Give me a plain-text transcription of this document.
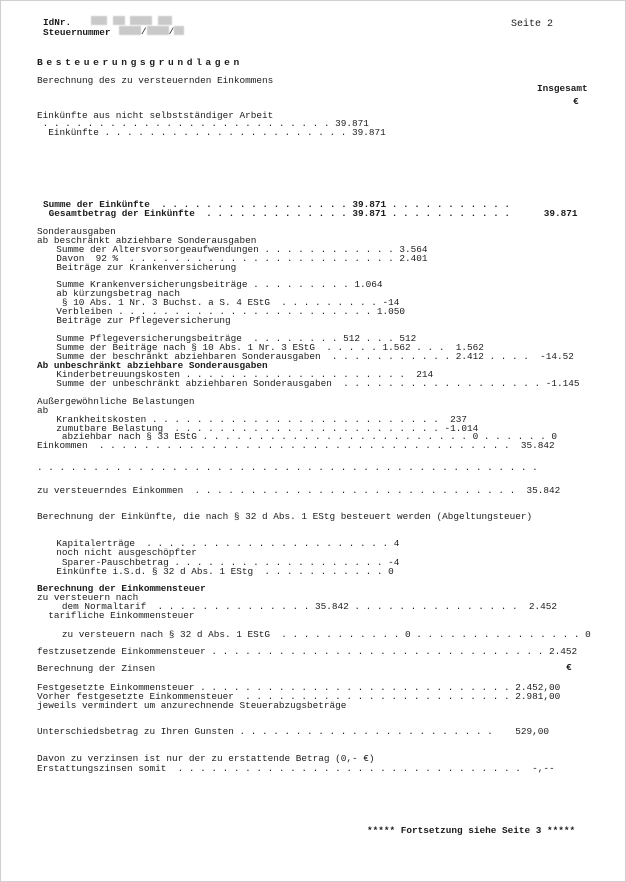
IdNr.

Steuernummer	/ /
Seite 2
Besteuerungsgrundlagen
Berechnung des zu versteuernden Einkommens
Insgesamt
€
Einkünfte aus nicht selbstständiger Arbeit
. . . . . . . . . . . . . . . . . . . . . . . . . . 39.871
Einkünfte . . . . . . . . . . . . . . . . . . . . . . 39.871
Summe der Einkünfte  . . . . . . . . . . . . . . . . . 39.871 . . . . . . . . . . .
Gesamtbetrag der Einkünfte  . . . . . . . . . . . . . 39.871 . . . . . . . . . . .      39.871
Sonderausgaben
ab beschränkt abziehbare Sonderausgaben
Summe der Altersvorsorgeaufwendungen . . . . . . . . . . . . 3.564
Davon  92 %  . . . . . . . . . . . . . . . . . . . . . . . . 2.401
Beiträge zur Krankenversicherung
Summe Krankenversicherungsbeiträge . . . . . . . . . 1.064
ab kürzungsbetrag nach
§ 10 Abs. 1 Nr. 3 Buchst. a S. 4 EStG  . . . . . . . . . -14
Verbleiben . . . . . . . . . . . . . . . . . . . . . . . 1.050
Beiträge zur Pflegeversicherung
Summe Pflegeversicherungsbeiträge  . . . . . . . . 512 . . . 512
Summe der Beiträge nach § 10 Abs. 1 Nr. 3 EStG  . . . . . 1.562 . . .  1.562
Summe der beschränkt abziehbaren Sonderausgaben  . . . . . . . . . . . 2.412 . . . .  -14.52
Ab unbeschränkt abziehbare Sonderausgaben
Kinderbetreuungskosten . . . . . . . . . . . . . . . . . . . .  214
Summe der unbeschränkt abziehbaren Sonderausgaben  . . . . . . . . . . . . . . . . . . -1.145
Außergewöhnliche Belastungen
ab
Krankheitskosten . . . . . . . . . . . . . . . . . . . . . . . . . .  237
zumutbare Belastung  . . . . . . . . . . . . . . . . . . . . . . . . -1.014
abziehbar nach § 33 EStG . . . . . . . . . . . . . . . . . . . . . . . . 0 . . . . . . 0
Einkommen  . . . . . . . . . . . . . . . . . . . . . . . . . . . . . . . . . . . . .  35.842
. . . . . . . . . . . . . . . . . . . . . . . . . . . . . . . . . . . . . . . . . . . . .
zu versteuerndes Einkommen  . . . . . . . . . . . . . . . . . . . . . . . . . . . . .  35.842
Berechnung der Einkünfte, die nach § 32 d Abs. 1 EStg besteuert werden (Abgeltungsteuer)
Kapitalerträge  . . . . . . . . . . . . . . . . . . . . . . 4
noch nicht ausgeschöpfter
Sparer-Pauschbetrag . . . . . . . . . . . . . . . . . . . -4
Einkünfte i.S.d. § 32 d Abs. 1 EStg  . . . . . . . . . . . 0
Berechnung der Einkommensteuer
zu versteuern nach
dem Normaltarif  . . . . . . . . . . . . . . 35.842 . . . . . . . . . . . . . . .  2.452
tarifliche Einkommensteuer
zu versteuern nach § 32 d Abs. 1 EStG  . . . . . . . . . . . 0 . . . . . . . . . . . . . . . 0
festzusetzende Einkommensteuer . . . . . . . . . . . . . . . . . . . . . . . . . . . . . . 2.452
Berechnung der Zinsen	€
Festgesetzte Einkommensteuer . . . . . . . . . . . . . . . . . . . . . . . . . . . . 2.452,00
Vorher festgesetzte Einkommensteuer  . . . . . . . . . . . . . . . . . . . . . . . . 2.981,00
jeweils vermindert um anzurechnende Steuerabzugsbeträge
Unterschiedsbetrag zu Ihren Gunsten . . . . . . . . . . . . . . . . . . . . . . .    529,00
Davon zu verzinsen ist nur der zu erstattende Betrag (0,- €)
Erstattungszinsen somit  . . . . . . . . . . . . . . . . . . . . . . . . . . . . . . .  -,--
***** Fortsetzung siehe Seite 3 *****
